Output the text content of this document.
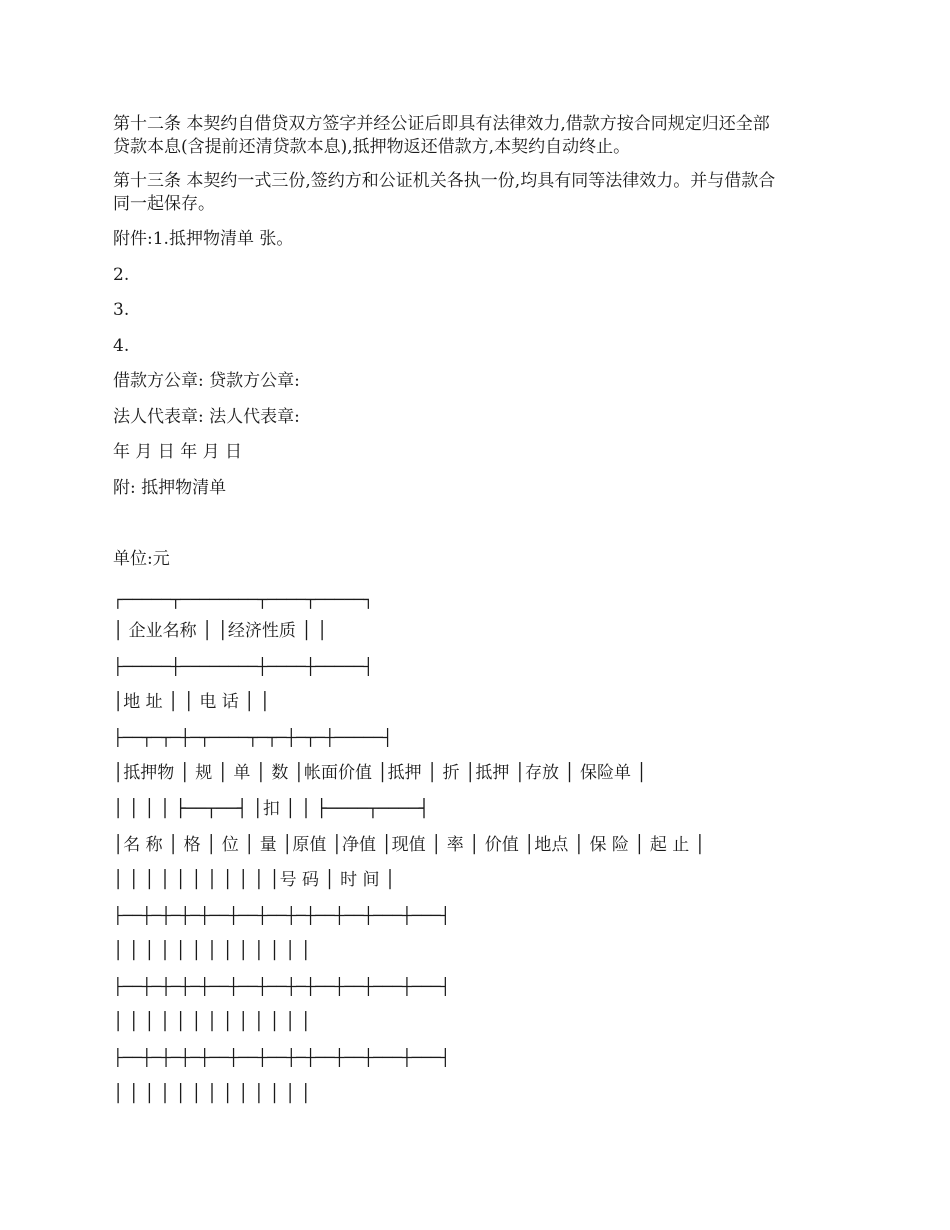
第十二条 本契约自借贷双方签字并经公证后即具有法律效力,借款方按合同规定归还全部
贷款本息(含提前还清贷款本息),抵押物返还借款方,本契约自动终止。
第十三条 本契约一式三份,签约方和公证机关各执一份,均具有同等法律效力。并与借款合
同一起保存。
附件:1.抵押物清单 张。
2.
3.
4.
借款方公章: 贷款方公章:
法人代表章: 法人代表章:
年 月 日 年 月 日
附: 抵押物清单
单位:元
┌─────┬────────┬────┬─────┐
│ 企业名称 │ │经济性质 │ │
├─────┼────────┼────┼─────┤
│地 址 │ │ 电 话 │ │
├──┬─┬─┼─┬────┬─┬─┼─┬─┼─────┤
│抵押物 │ 规 │ 单 │ 数 │帐面价值 │抵押 │ 折 │抵押 │存放 │ 保险单 │
│ │ │ │ ├──┬──┤ │扣 │ │ ├────┬────┤
│名 称 │ 格 │ 位 │ 量 │原值 │净值 │现值 │ 率 │ 价值 │地点 │ 保 险 │ 起 止 │
│ │ │ │ │ │ │ │ │ │ │号 码 │ 时 间 │
├──┼─┼─┼─┼──┼──┼──┼─┼──┼──┼───┼───┤
│ │ │ │ │ │ │ │ │ │ │ │ │
├──┼─┼─┼─┼──┼──┼──┼─┼──┼──┼───┼───┤
│ │ │ │ │ │ │ │ │ │ │ │ │
├──┼─┼─┼─┼──┼──┼──┼─┼──┼──┼───┼───┤
│ │ │ │ │ │ │ │ │ │ │ │ │
